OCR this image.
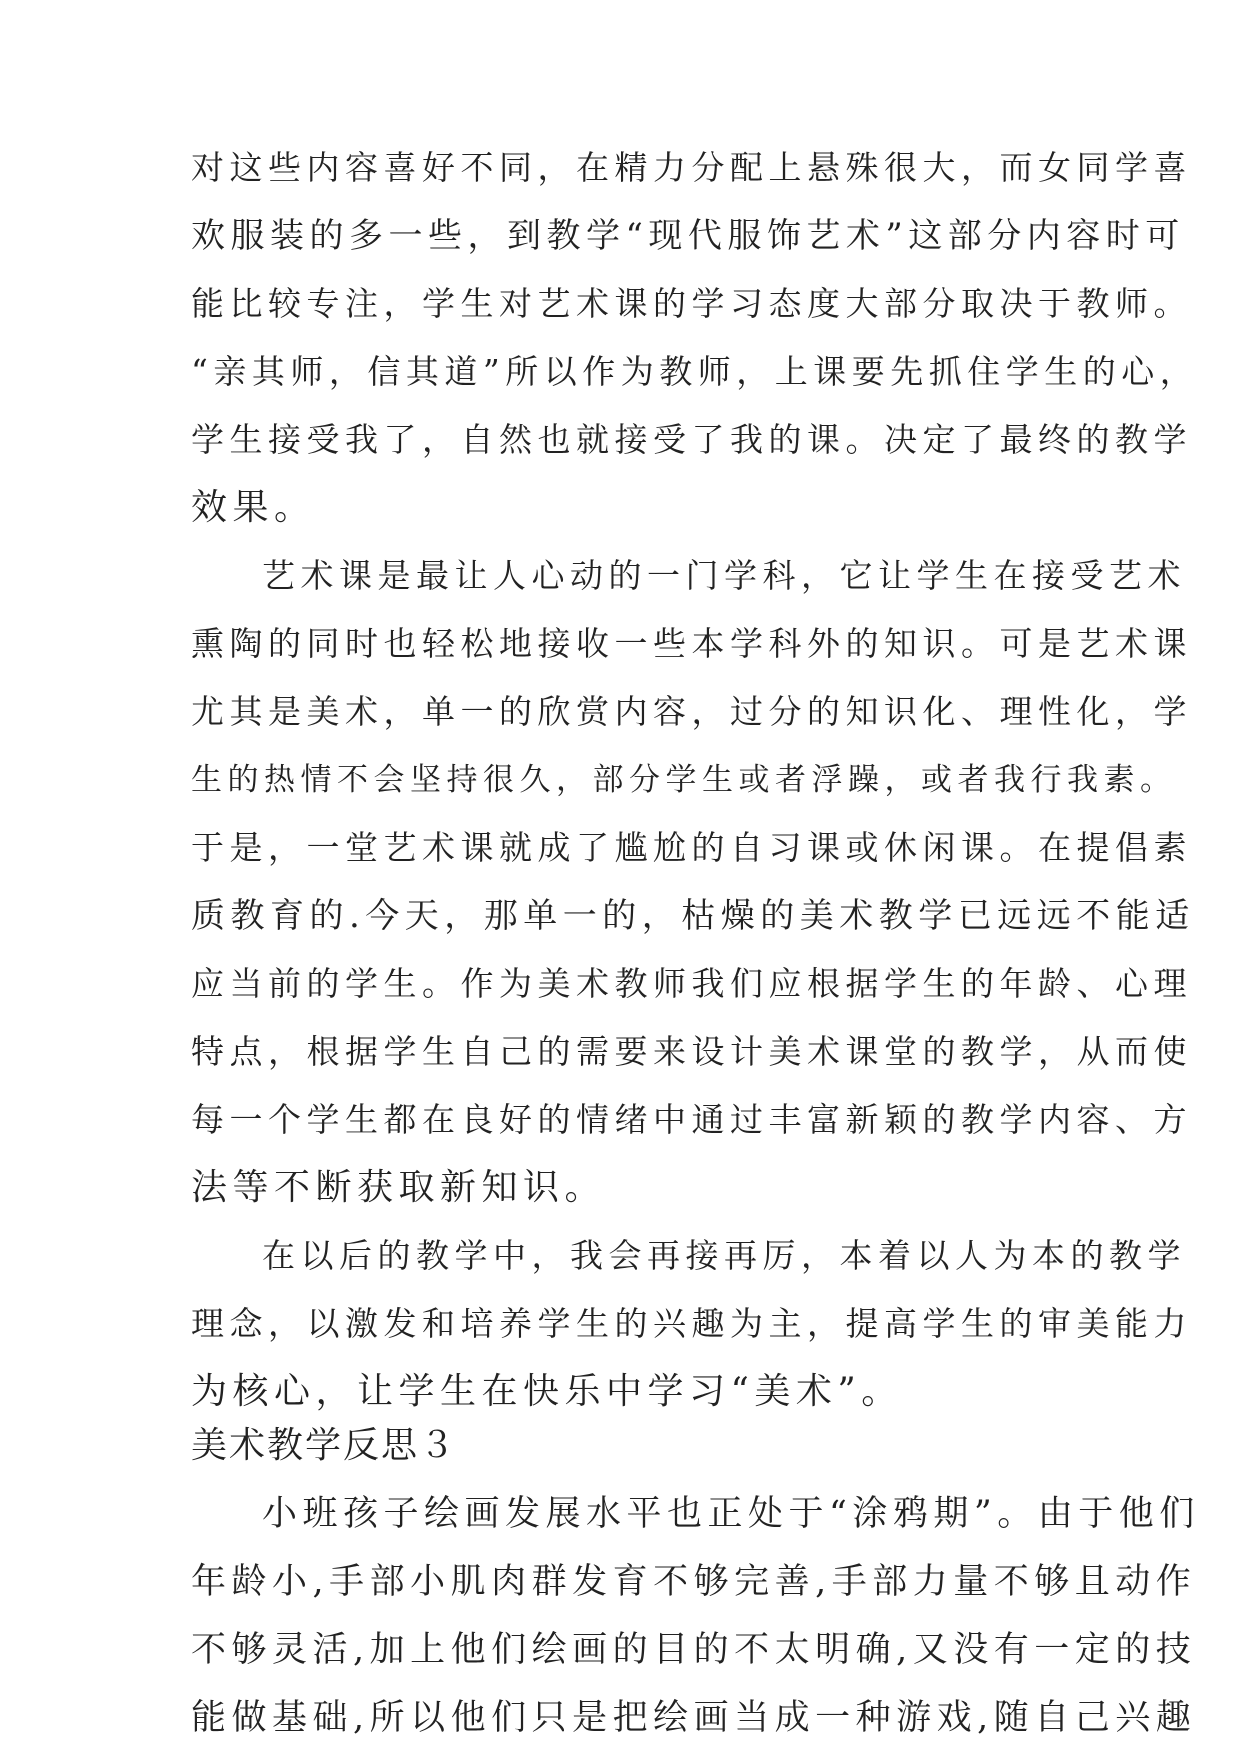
对这些内容喜好不同，在精力分配上悬殊很大，而女同学喜

欢服装的多一些，到教学“现代服饰艺术”这部分内容时可

能比较专注，学生对艺术课的学习态度大部分取决于教师。

“亲其师，信其道”所以作为教师，上课要先抓住学生的心，

学生接受我了，自然也就接受了我的课。决定了最终的教学

效果。

艺术课是最让人心动的一门学科，它让学生在接受艺术

熏陶的同时也轻松地接收一些本学科外的知识。可是艺术课

尤其是美术，单一的欣赏内容，过分的知识化、理性化，学

生的热情不会坚持很久，部分学生或者浮躁，或者我行我素。

于是，一堂艺术课就成了尴尬的自习课或休闲课。在提倡素

质教育的.今天，那单一的，枯燥的美术教学已远远不能适

应当前的学生。作为美术教师我们应根据学生的年龄、心理

特点，根据学生自己的需要来设计美术课堂的教学，从而使

每一个学生都在良好的情绪中通过丰富新颖的教学内容、方

法等不断获取新知识。

在以后的教学中，我会再接再厉，本着以人为本的教学

理念，以激发和培养学生的兴趣为主，提高学生的审美能力

为核心，让学生在快乐中学习“美术”。

美术教学反思３

小班孩子绘画发展水平也正处于“涂鸦期”。由于他们

年龄小,手部小肌肉群发育不够完善,手部力量不够且动作

不够灵活,加上他们绘画的目的不太明确,又没有一定的技

能做基础,所以他们只是把绘画当成一种游戏,随自己兴趣
